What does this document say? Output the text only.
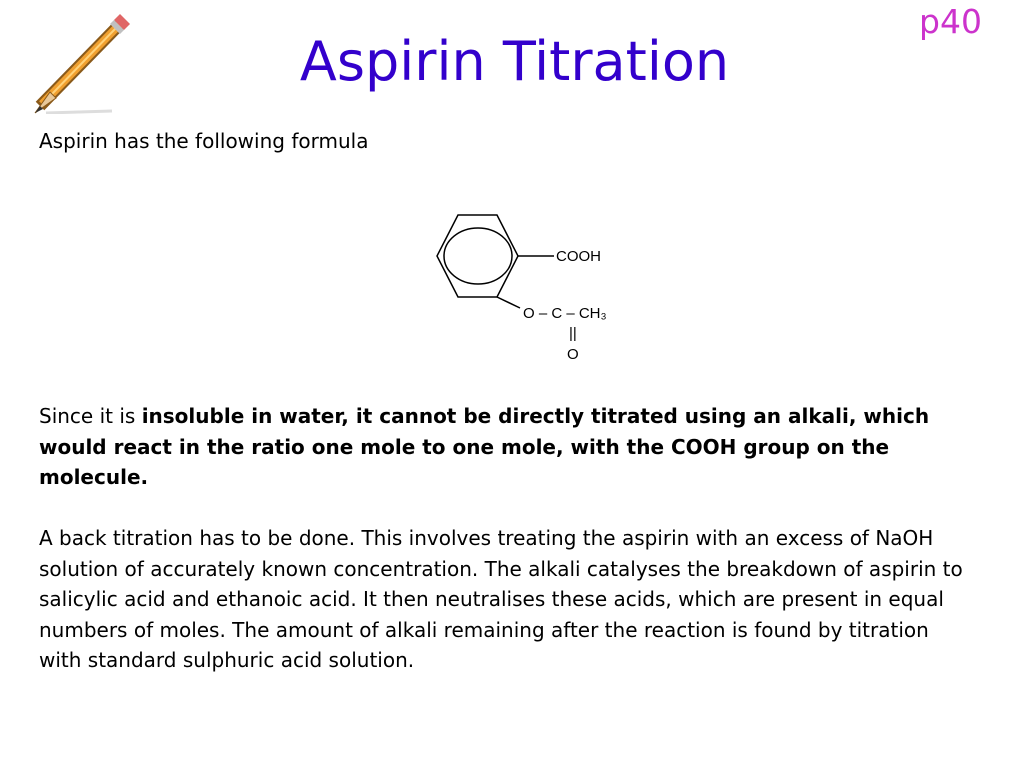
p40
Aspirin Titration
Aspirin has the following formula
COOH
O – C – CH₃
||
O

Since it is insoluble in water, it cannot be directly titrated using an alkali, which would react in the ratio one mole to one mole, with the COOH group on the molecule.

A back titration has to be done. This involves treating the aspirin with an excess of NaOH solution of accurately known concentration. The alkali catalyses the breakdown of aspirin to salicylic acid and ethanoic acid. It then neutralises these acids, which are present in equal numbers of moles. The amount of alkali remaining after the reaction is found by titration with standard sulphuric acid solution.
